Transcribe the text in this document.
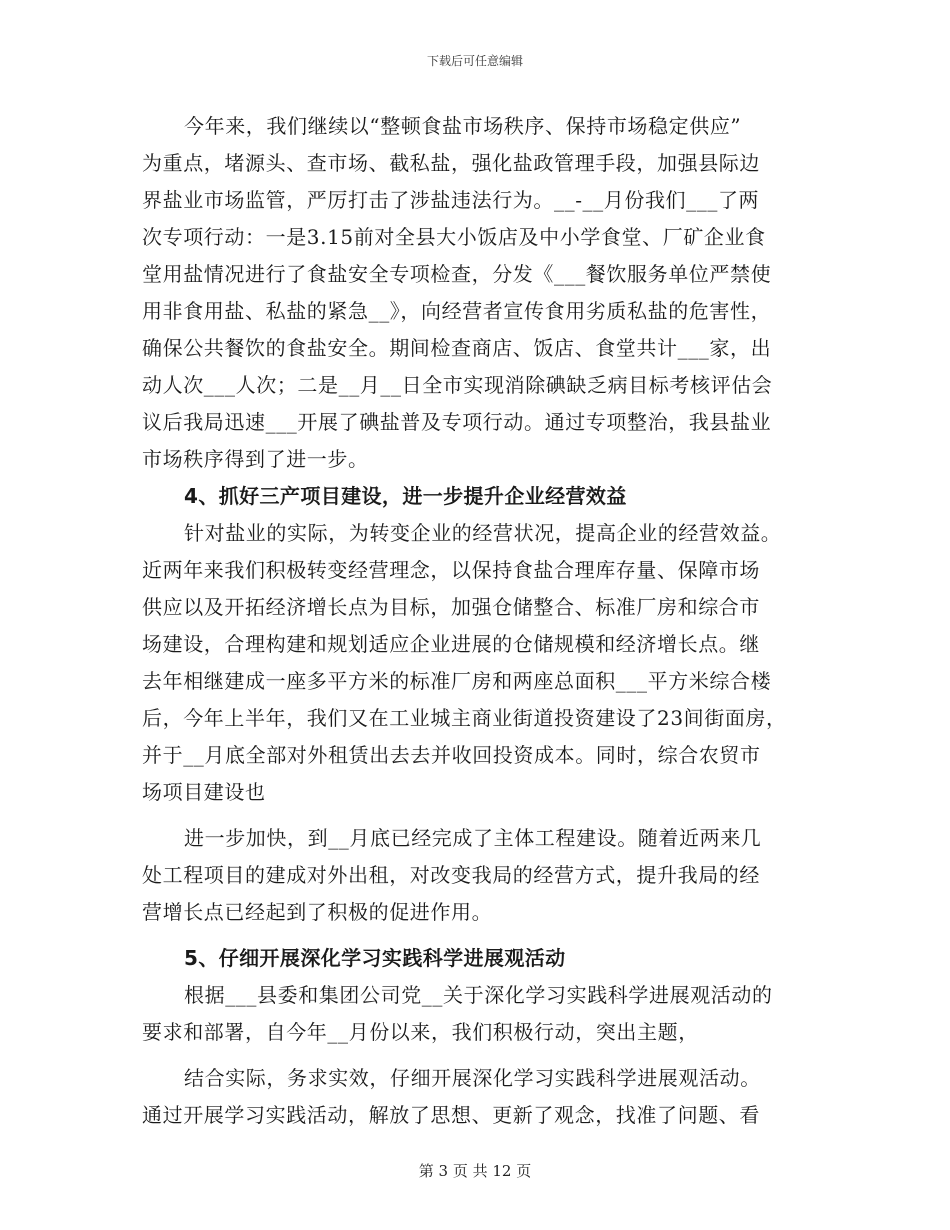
下载后可任意编辑
今年来，我们继续以“整顿食盐市场秩序、保持市场稳定供应”
为重点，堵源头、查市场、截私盐，强化盐政管理手段，加强县际边
界盐业市场监管，严厉打击了涉盐违法行为。__-__月份我们___了两
次专项行动：一是3.15前对全县大小饭店及中小学食堂、厂矿企业食
堂用盐情况进行了食盐安全专项检查，分发《___餐饮服务单位严禁使
用非食用盐、私盐的紧急__》，向经营者宣传食用劣质私盐的危害性，
确保公共餐饮的食盐安全。期间检查商店、饭店、食堂共计___家，出
动人次___人次；二是__月__日全市实现消除碘缺乏病目标考核评估会
议后我局迅速___开展了碘盐普及专项行动。通过专项整治，我县盐业
市场秩序得到了进一步。
4、抓好三产项目建设，进一步提升企业经营效益
针对盐业的实际，为转变企业的经营状况，提高企业的经营效益。
近两年来我们积极转变经营理念，以保持食盐合理库存量、保障市场
供应以及开拓经济增长点为目标，加强仓储整合、标准厂房和综合市
场建设，合理构建和规划适应企业进展的仓储规模和经济增长点。继
去年相继建成一座多平方米的标准厂房和两座总面积___平方米综合楼
后，今年上半年，我们又在工业城主商业街道投资建设了23间街面房，
并于__月底全部对外租赁出去去并收回投资成本。同时，综合农贸市
场项目建设也
进一步加快，到__月底已经完成了主体工程建设。随着近两来几
处工程项目的建成对外出租，对改变我局的经营方式，提升我局的经
营增长点已经起到了积极的促进作用。
5、仔细开展深化学习实践科学进展观活动
根据___县委和集团公司党__关于深化学习实践科学进展观活动的
要求和部署，自今年__月份以来，我们积极行动，突出主题，
结合实际，务求实效，仔细开展深化学习实践科学进展观活动。
通过开展学习实践活动，解放了思想、更新了观念，找准了问题、看
第 3 页 共 12 页
